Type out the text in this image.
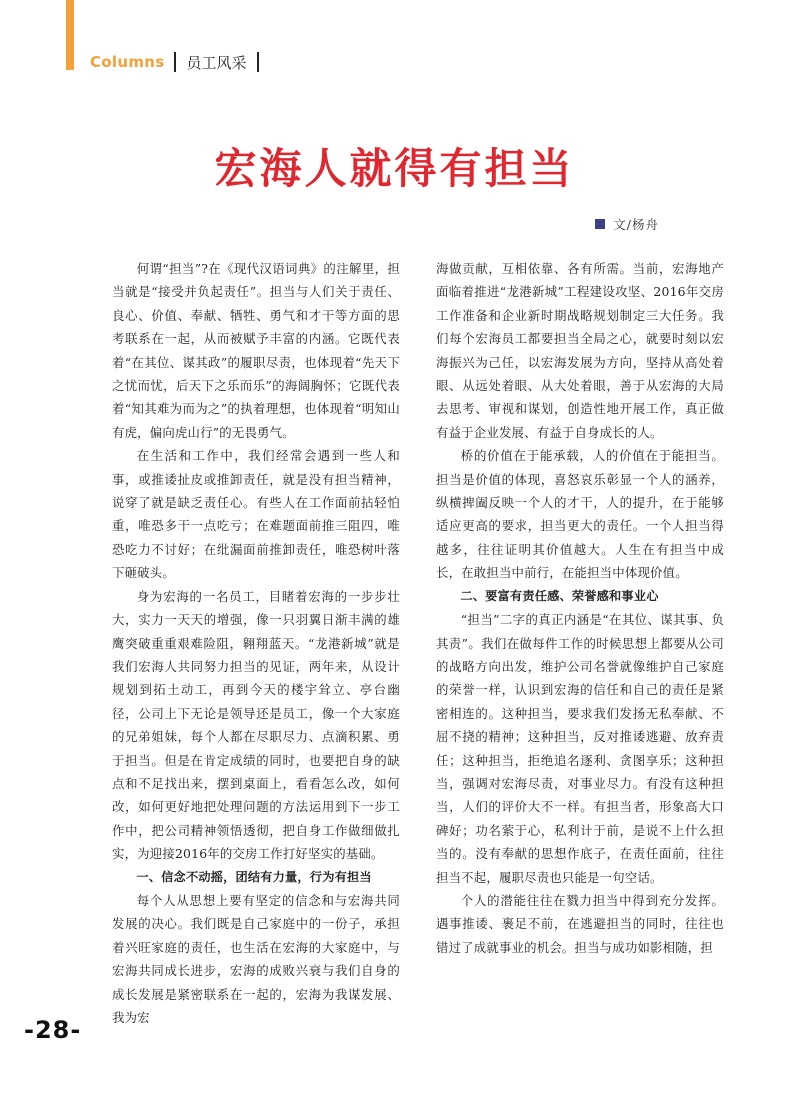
Columns 员工风采
宏海人就得有担当
文/杨舟

何谓“担当”?在《现代汉语词典》的注解里，担当就是“接受并负起责任”。担当与人们关于责任、良心、价值、奉献、牺牲、勇气和才干等方面的思考联系在一起，从而被赋予丰富的内涵。它既代表着“在其位、谋其政”的履职尽责，也体现着“先天下之忧而忧，后天下之乐而乐”的海阔胸怀；它既代表着“知其难为而为之”的执着理想，也体现着“明知山有虎，偏向虎山行”的无畏勇气。

在生活和工作中，我们经常会遇到一些人和事，或推诿扯皮或推卸责任，就是没有担当精神，说穿了就是缺乏责任心。有些人在工作面前拈轻怕重，唯恐多干一点吃亏；在难题面前推三阻四，唯恐吃力不讨好；在纰漏面前推卸责任，唯恐树叶落下砸破头。

身为宏海的一名员工，目睹着宏海的一步步壮大，实力一天天的增强，像一只羽翼日渐丰满的雄鹰突破重重艰难险阻，翱翔蓝天。“龙港新城”就是我们宏海人共同努力担当的见证，两年来，从设计规划到拓土动工，再到今天的楼宇耸立、亭台幽径，公司上下无论是领导还是员工，像一个大家庭的兄弟姐妹，每个人都在尽职尽力、点滴积累、勇于担当。但是在肯定成绩的同时，也要把自身的缺点和不足找出来，摆到桌面上，看看怎么改，如何改，如何更好地把处理问题的方法运用到下一步工作中，把公司精神领悟透彻，把自身工作做细做扎实，为迎接2016年的交房工作打好坚实的基础。

一、信念不动摇，团结有力量，行为有担当

每个人从思想上要有坚定的信念和与宏海共同发展的决心。我们既是自己家庭中的一份子，承担着兴旺家庭的责任，也生活在宏海的大家庭中，与宏海共同成长进步，宏海的成败兴衰与我们自身的成长发展是紧密联系在一起的，宏海为我谋发展、我为宏

海做贡献，互相依靠、各有所需。当前，宏海地产面临着推进“龙港新城”工程建设攻坚、2016年交房工作准备和企业新时期战略规划制定三大任务。我们每个宏海员工都要担当全局之心，就要时刻以宏海振兴为己任，以宏海发展为方向，坚持从高处着眼、从远处着眼、从大处着眼，善于从宏海的大局去思考、审视和谋划，创造性地开展工作，真正做有益于企业发展、有益于自身成长的人。

桥的价值在于能承载，人的价值在于能担当。担当是价值的体现，喜怒哀乐彰显一个人的涵养，纵横捭阖反映一个人的才干，人的提升，在于能够适应更高的要求，担当更大的责任。一个人担当得越多，往往证明其价值越大。人生在有担当中成长，在敢担当中前行，在能担当中体现价值。

二、要富有责任感、荣誉感和事业心

“担当”二字的真正内涵是“在其位、谋其事、负其责”。我们在做每件工作的时候思想上都要从公司的战略方向出发，维护公司名誉就像维护自己家庭的荣誉一样，认识到宏海的信任和自己的责任是紧密相连的。这种担当，要求我们发扬无私奉献、不屈不挠的精神；这种担当，反对推诿逃避、放弃责任；这种担当，拒绝追名逐利、贪图享乐；这种担当，强调对宏海尽责，对事业尽力。有没有这种担当，人们的评价大不一样。有担当者，形象高大口碑好；功名萦于心，私利计于前，是说不上什么担当的。没有奉献的思想作底子，在责任面前，往往担当不起，履职尽责也只能是一句空话。

个人的潜能往往在戮力担当中得到充分发挥。遇事推诿、裹足不前，在逃避担当的同时，往往也错过了成就事业的机会。担当与成功如影相随，担

-28-
